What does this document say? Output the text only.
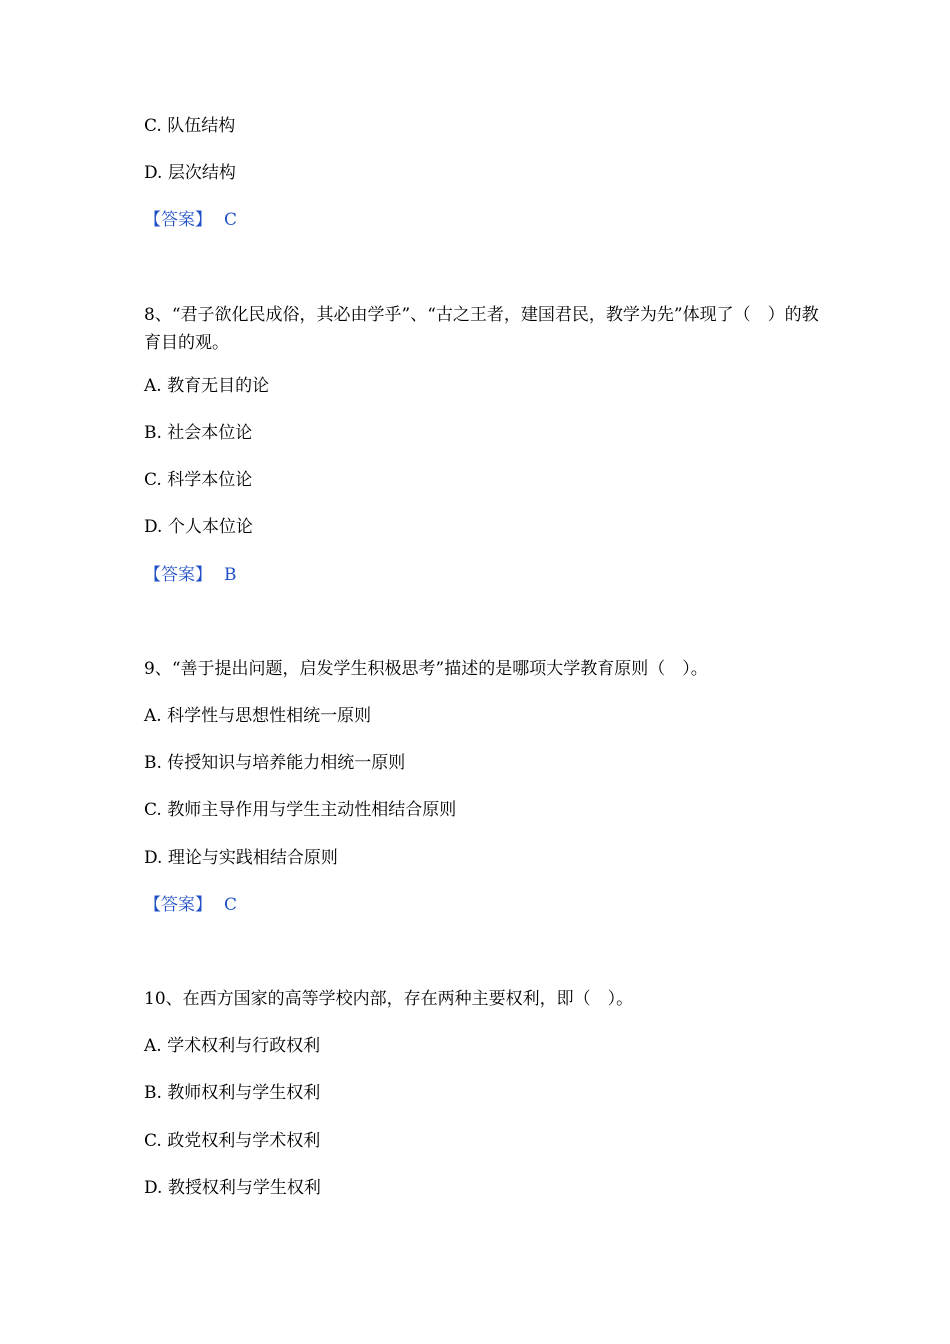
C. 队伍结构
D. 层次结构
【答案】 C
8、“君子欲化民成俗，其必由学乎”、“古之王者，建国君民，教学为先”体现了（　）的教育目的观。
A. 教育无目的论
B. 社会本位论
C. 科学本位论
D. 个人本位论
【答案】 B
9、“善于提出问题，启发学生积极思考”描述的是哪项大学教育原则（　）。
A. 科学性与思想性相统一原则
B. 传授知识与培养能力相统一原则
C. 教师主导作用与学生主动性相结合原则
D. 理论与实践相结合原则
【答案】 C
10、在西方国家的高等学校内部，存在两种主要权利，即（　）。
A. 学术权利与行政权利
B. 教师权利与学生权利
C. 政党权利与学术权利
D. 教授权利与学生权利
